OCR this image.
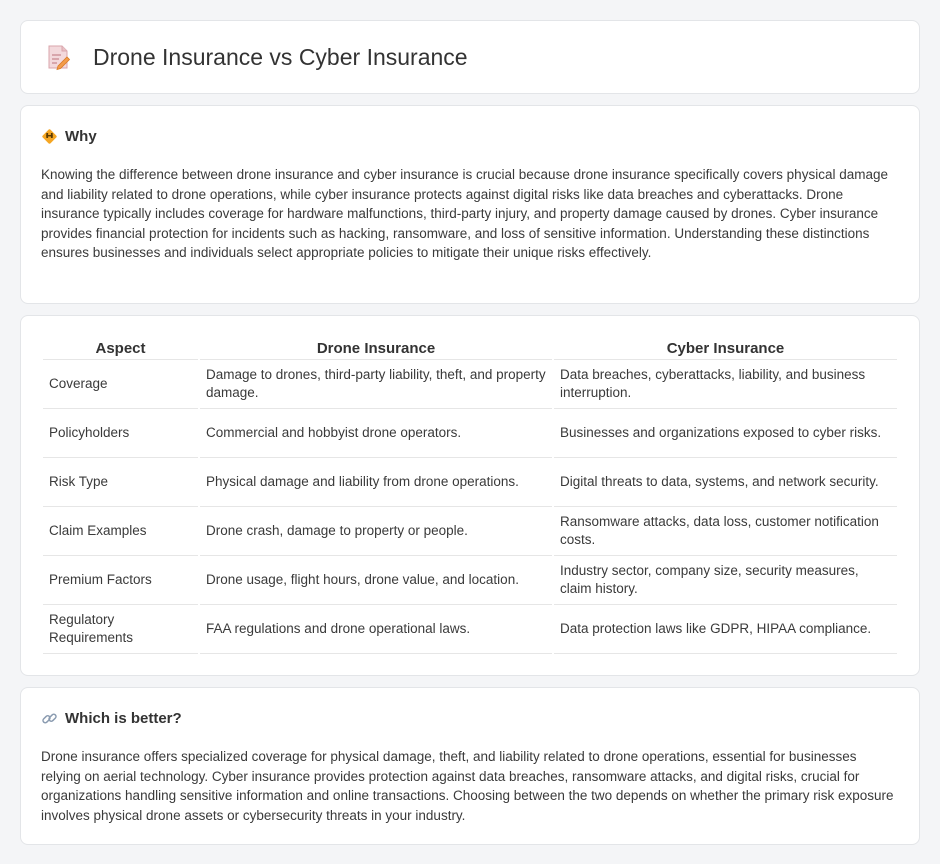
Drone Insurance vs Cyber Insurance
Why

Knowing the difference between drone insurance and cyber insurance is crucial because drone insurance specifically covers physical damage and liability related to drone operations, while cyber insurance protects against digital risks like data breaches and cyberattacks. Drone insurance typically includes coverage for hardware malfunctions, third-party injury, and property damage caused by drones. Cyber insurance provides financial protection for incidents such as hacking, ransomware, and loss of sensitive information. Understanding these distinctions ensures businesses and individuals select appropriate policies to mitigate their unique risks effectively.

Aspect	Drone Insurance	Cyber Insurance
Coverage	Damage to drones, third-party liability, theft, and property damage.	Data breaches, cyberattacks, liability, and business interruption.
Policyholders	Commercial and hobbyist drone operators.	Businesses and organizations exposed to cyber risks.
Risk Type	Physical damage and liability from drone operations.	Digital threats to data, systems, and network security.
Claim Examples	Drone crash, damage to property or people.	Ransomware attacks, data loss, customer notification costs.
Premium Factors	Drone usage, flight hours, drone value, and location.	Industry sector, company size, security measures, claim history.
Regulatory Requirements	FAA regulations and drone operational laws.	Data protection laws like GDPR, HIPAA compliance.
Which is better?

Drone insurance offers specialized coverage for physical damage, theft, and liability related to drone operations, essential for businesses relying on aerial technology. Cyber insurance provides protection against data breaches, ransomware attacks, and digital risks, crucial for organizations handling sensitive information and online transactions. Choosing between the two depends on whether the primary risk exposure involves physical drone assets or cybersecurity threats in your industry.
